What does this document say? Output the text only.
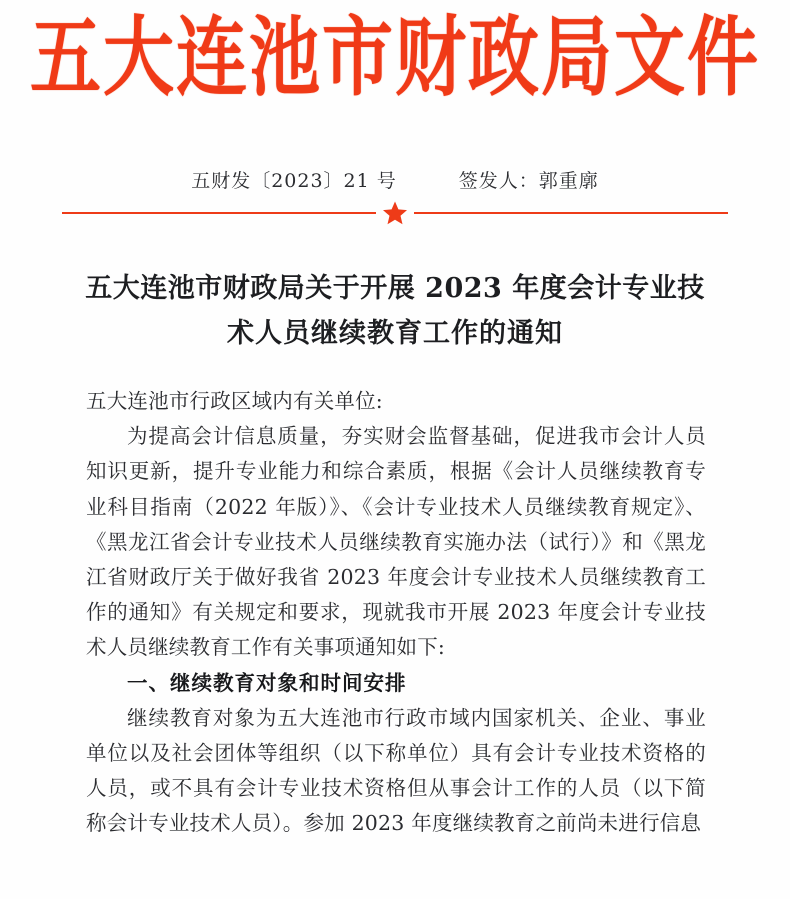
五大连池市财政局文件
五财发〔2023〕21 号	签发人：郭重廓
五大连池市财政局关于开展 2023 年度会计专业技
术人员继续教育工作的通知

五大连池市行政区域内有关单位:

为提高会计信息质量，夯实财会监督基础，促进我市会计人员知识更新，提升专业能力和综合素质，根据《会计人员继续教育专业科目指南（2022 年版）》、《会计专业技术人员继续教育规定》、《黑龙江省会计专业技术人员继续教育实施办法（试行）》和《黑龙江省财政厅关于做好我省 2023 年度会计专业技术人员继续教育工作的通知》有关规定和要求，现就我市开展 2023 年度会计专业技术人员继续教育工作有关事项通知如下:

一、继续教育对象和时间安排

继续教育对象为五大连池市行政市域内国家机关、企业、事业单位以及社会团体等组织（以下称单位）具有会计专业技术资格的人员，或不具有会计专业技术资格但从事会计工作的人员（以下简称会计专业技术人员）。参加 2023 年度继续教育之前尚未进行信息
